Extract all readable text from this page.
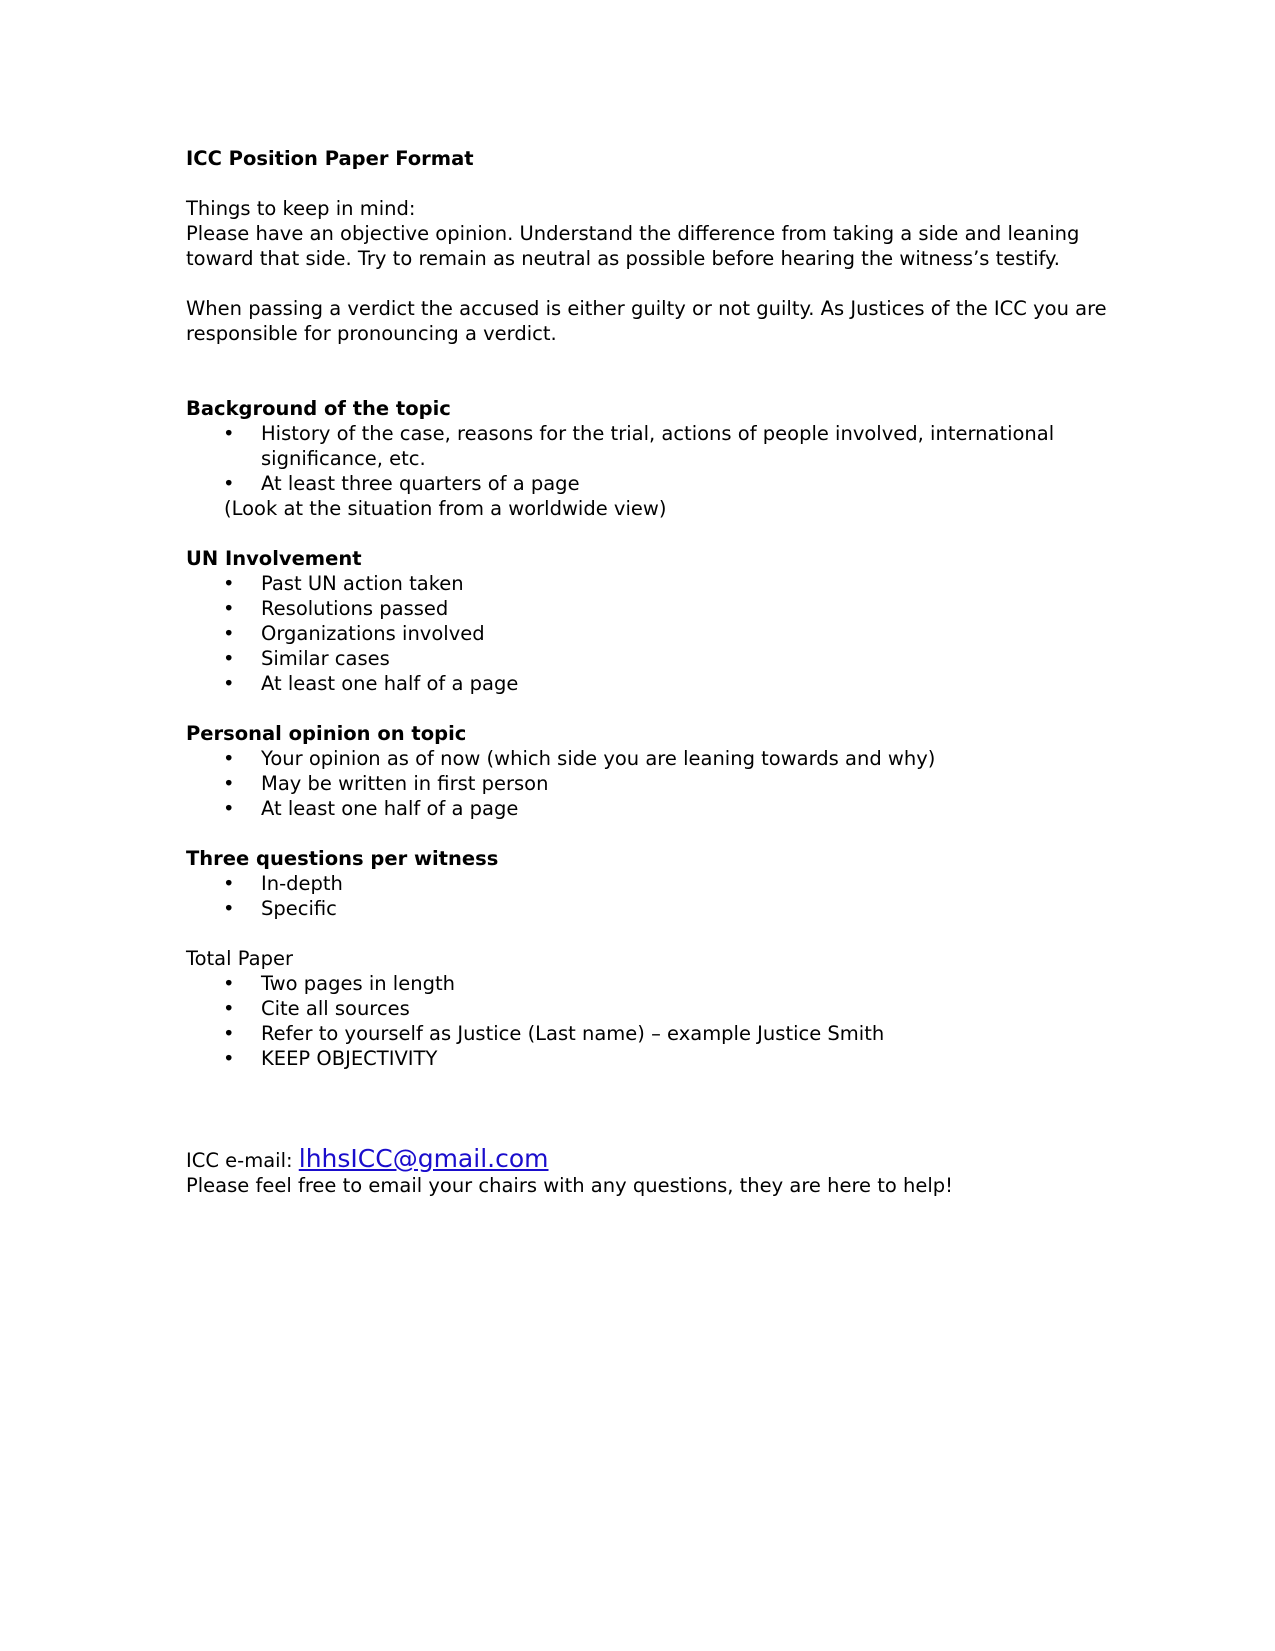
ICC Position Paper Format

Things to keep in mind:

Please have an objective opinion. Understand the difference from taking a side and leaning

toward that side. Try to remain as neutral as possible before hearing the witness’s testify.

When passing a verdict the accused is either guilty or not guilty. As Justices of the ICC you are

responsible for pronouncing a verdict.

Background of the topic

• History of the case, reasons for the trial, actions of people involved, international
significance, etc.
• At least three quarters of a page

(Look at the situation from a worldwide view)

UN Involvement

• Past UN action taken
• Resolutions passed
• Organizations involved
• Similar cases
• At least one half of a page

Personal opinion on topic

• Your opinion as of now (which side you are leaning towards and why)
• May be written in first person
• At least one half of a page

Three questions per witness

• In-depth
• Specific

Total Paper

• Two pages in length
• Cite all sources
• Refer to yourself as Justice (Last name) – example Justice Smith
• KEEP OBJECTIVITY

ICC e-mail: lhhsICC@gmail.com

Please feel free to email your chairs with any questions, they are here to help!
